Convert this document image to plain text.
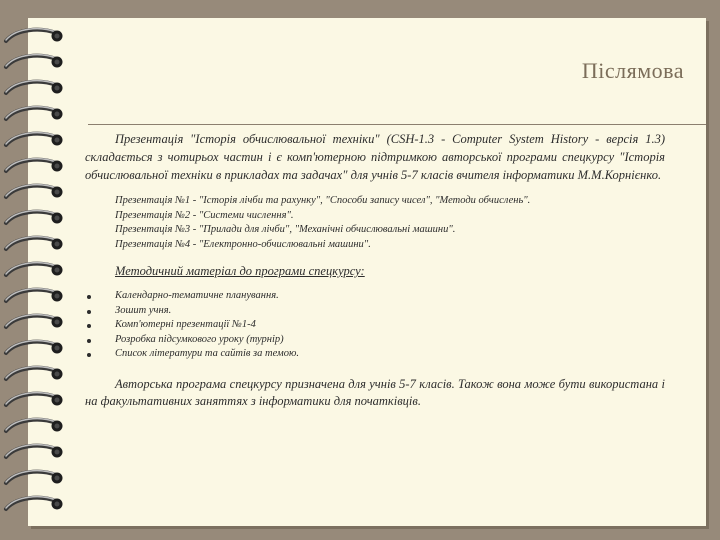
Післямова

Презентація "Історія обчислювальної техніки" (CSH-1.3 - Computer System History - версія 1.3) складається з чотирьох частин і є комп'ютерною підтримкою авторської програми спецкурсу "Історія обчислювальної техніки в прикладах та задачах" для учнів 5-7 класів вчителя інформатики М.М.Корнієнко.

Презентація №1 - "Історія лічби та рахунку", "Способи запису чисел", "Методи обчислень".
Презентація №2 - "Системи числення".
Презентація №3 - "Прилади для лічби", "Механічні обчислювальні машини".
Презентація №4 - "Електронно-обчислювальні машини".
Методичний матеріал до програми спецкурсу:
Календарно-тематичне планування.
Зошит учня.
Комп'ютерні презентації №1-4
Розробка підсумкового уроку (турнір)
Список літератури та сайтів за темою.

Авторська програма спецкурсу призначена для учнів 5-7 класів. Також вона може бути використана і на факультативних заняттях з інформатики для початківців.
